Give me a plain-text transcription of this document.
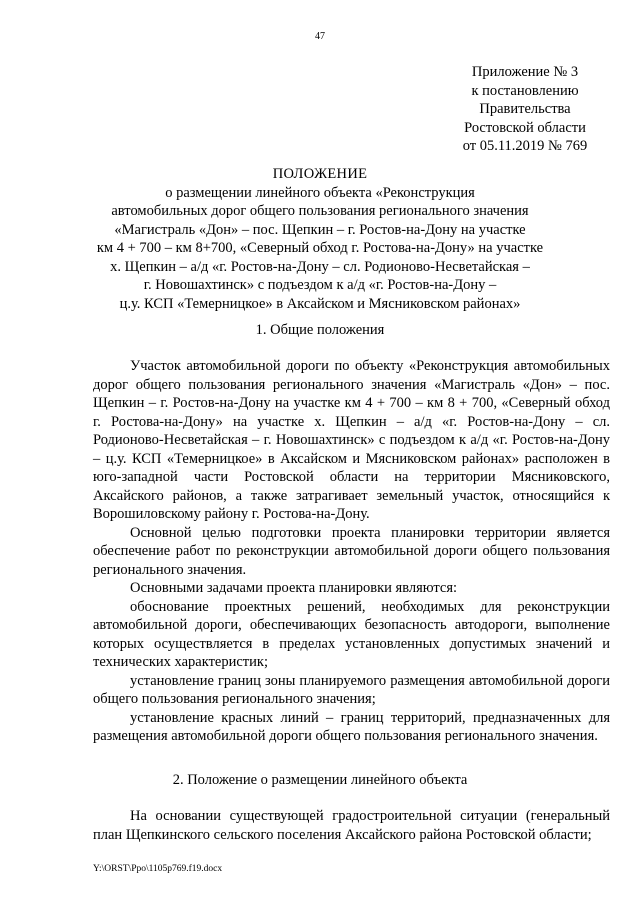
47
Приложение № 3
к постановлению
Правительства
Ростовской области
от 05.11.2019 № 769
ПОЛОЖЕНИЕ
о размещении линейного объекта «Реконструкция
автомобильных дорог общего пользования регионального значения
«Магистраль «Дон» – пос. Щепкин – г. Ростов-на-Дону на участке
км 4 + 700 – км 8+700, «Северный обход г. Ростова-на-Дону» на участке
х. Щепкин – а/д «г. Ростов-на-Дону – сл. Родионово-Несветайская –
г. Новошахтинск» с подъездом к а/д «г. Ростов-на-Дону –
ц.у. КСП «Темерницкое» в Аксайском и Мясниковском районах»
1. Общие положения

Участок автомобильной дороги по объекту «Реконструкция автомобильных дорог общего пользования регионального значения «Магистраль «Дон» – пос. Щепкин – г. Ростов-на-Дону на участке км 4 + 700 – км 8 + 700, «Северный обход г. Ростова-на-Дону» на участке х. Щепкин – а/д «г. Ростов-на-Дону – сл. Родионово-Несветайская – г. Новошахтинск» с подъездом к а/д «г. Ростов-на-Дону – ц.у. КСП «Темерницкое» в Аксайском и Мясниковском районах» расположен в юго-западной части Ростовской области на территории Мясниковского, Аксайского районов, а также затрагивает земельный участок, относящийся к Ворошиловскому району г. Ростова-на-Дону.

Основной целью подготовки проекта планировки территории является обеспечение работ по реконструкции автомобильной дороги общего пользования регионального значения.

Основными задачами проекта планировки являются:

обоснование проектных решений, необходимых для реконструкции автомобильной дороги, обеспечивающих безопасность автодороги, выполнение которых осуществляется в пределах установленных допустимых значений и технических характеристик;

установление границ зоны планируемого размещения автомобильной дороги общего пользования регионального значения;

установление красных линий – границ территорий, предназначенных для размещения автомобильной дороги общего пользования регионального значения.

2. Положение о размещении линейного объекта

На основании существующей градостроительной ситуации (генеральный план Щепкинского сельского поселения Аксайского района Ростовской области;

Y:\ORST\Ppo\1105p769.f19.docx
